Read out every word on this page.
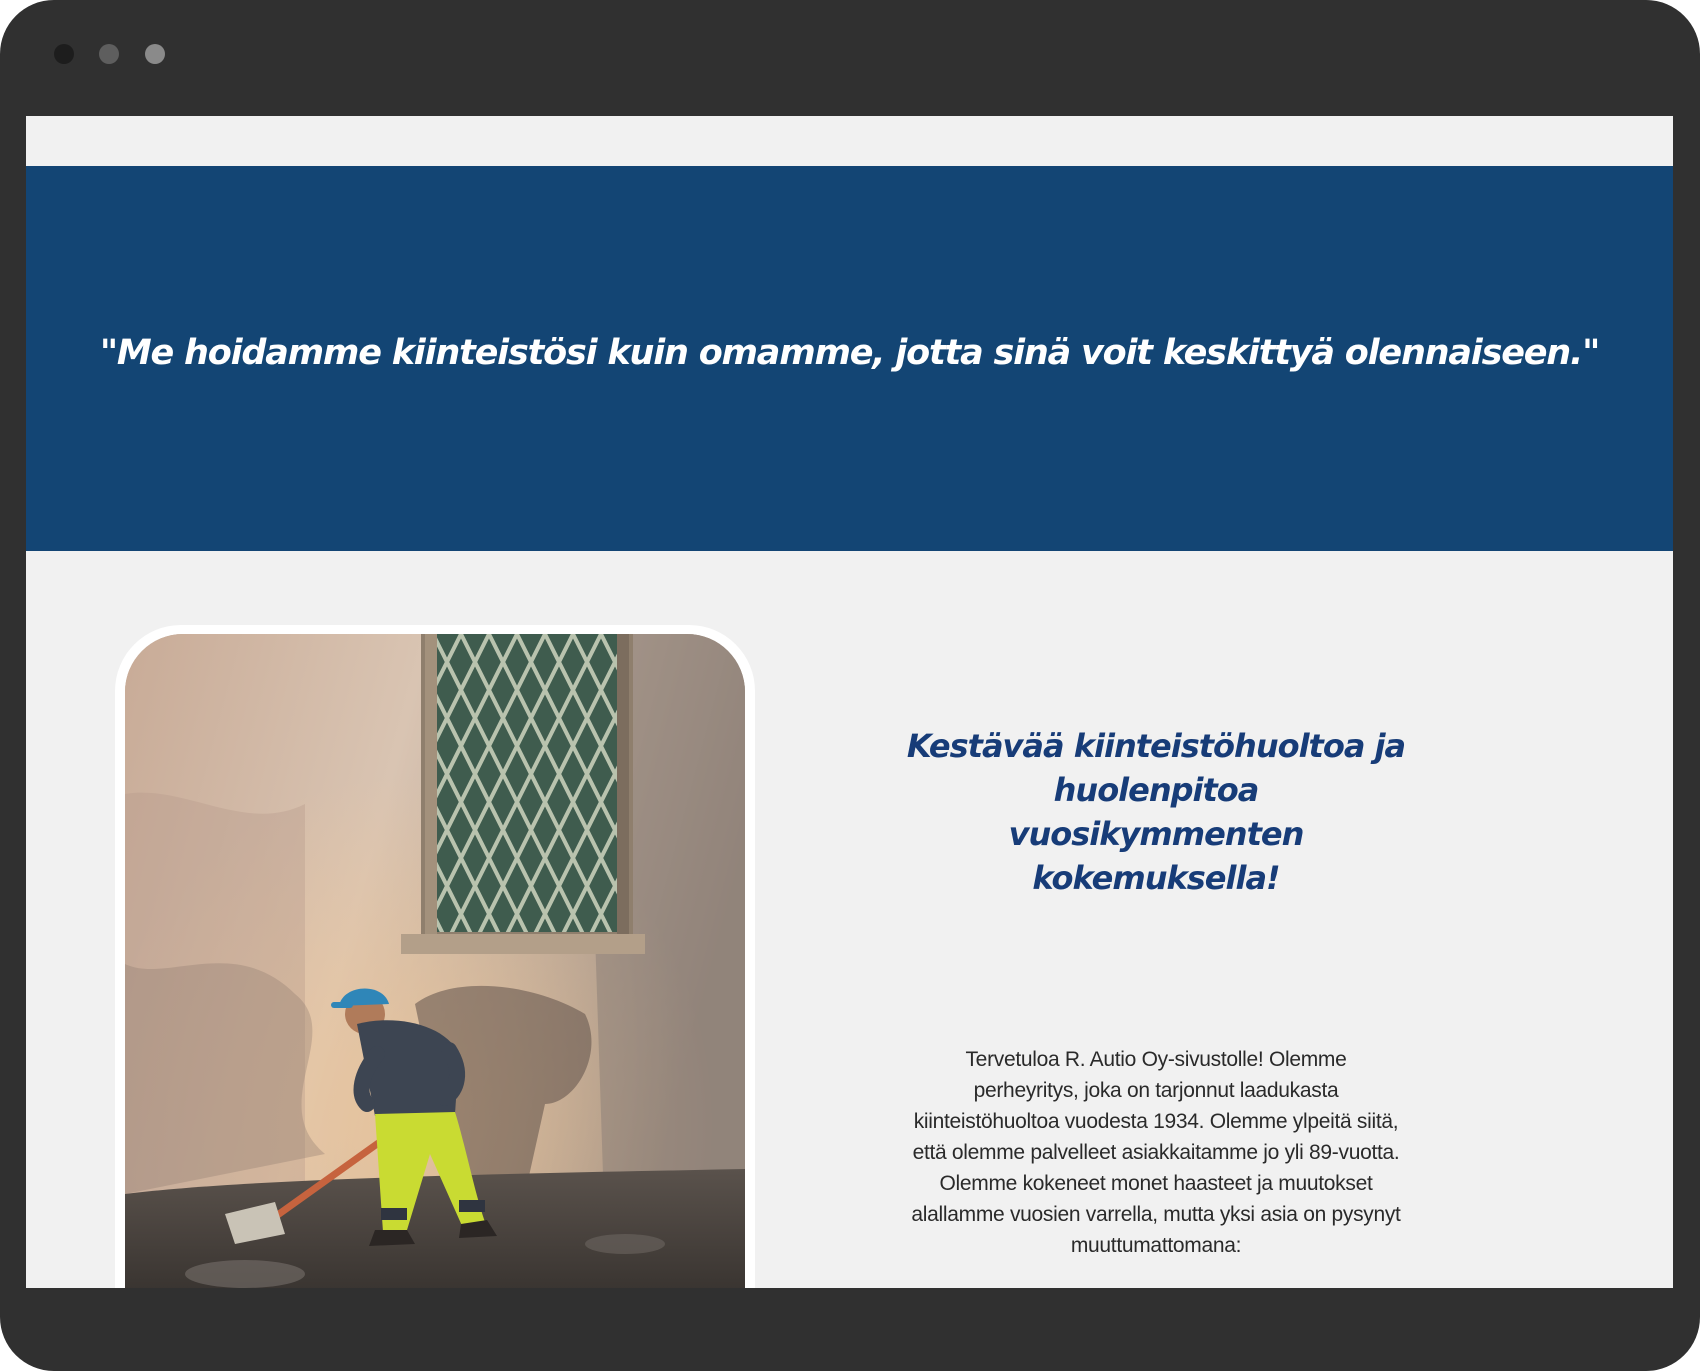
"Me hoidamme kiinteistösi kuin omamme, jotta sinä voit keskittyä olennaiseen."

Kestävää kiinteistöhuoltoa ja huolenpitoa vuosikymmenten kokemuksella!

Tervetuloa R. Autio Oy-sivustolle! Olemme perheyritys, joka on tarjonnut laadukasta kiinteistöhuoltoa vuodesta 1934. Olemme ylpeitä siitä, että olemme palvelleet asiakkaitamme jo yli 89-vuotta. Olemme kokeneet monet haasteet ja muutokset alallamme vuosien varrella, mutta yksi asia on pysynyt muuttumattomana:
